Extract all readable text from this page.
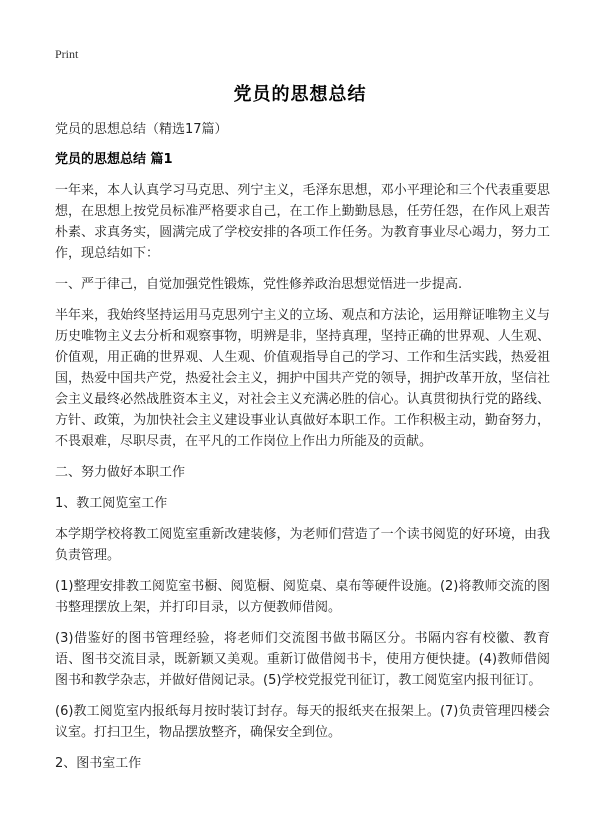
Print
党员的思想总结

党员的思想总结（精选17篇）

党员的思想总结 篇1

一年来，本人认真学习马克思、列宁主义，毛泽东思想，邓小平理论和三个代表重要思想，在思想上按党员标准严格要求自己，在工作上勤勤恳恳，任劳任怨，在作风上艰苦朴素、求真务实，圆满完成了学校安排的各项工作任务。为教育事业尽心竭力，努力工作，现总结如下：

一、严于律己，自觉加强党性锻炼，党性修养政治思想觉悟进一步提高.

半年来，我始终坚持运用马克思列宁主义的立场、观点和方法论，运用辩证唯物主义与历史唯物主义去分析和观察事物，明辨是非，坚持真理，坚持正确的世界观、人生观、价值观，用正确的世界观、人生观、价值观指导自己的学习、工作和生活实践，热爱祖国，热爱中国共产党，热爱社会主义，拥护中国共产党的领导，拥护改革开放，坚信社会主义最终必然战胜资本主义，对社会主义充满必胜的信心。认真贯彻执行党的路线、方针、政策，为加快社会主义建设事业认真做好本职工作。工作积极主动，勤奋努力，不畏艰难，尽职尽责，在平凡的工作岗位上作出力所能及的贡献。

二、努力做好本职工作

1、教工阅览室工作

本学期学校将教工阅览室重新改建装修，为老师们营造了一个读书阅览的好环境，由我负责管理。

(1)整理安排教工阅览室书橱、阅览橱、阅览桌、桌布等硬件设施。(2)将教师交流的图书整理摆放上架，并打印目录，以方便教师借阅。

(3)借鉴好的图书管理经验，将老师们交流图书做书隔区分。书隔内容有校徽、教育语、图书交流目录，既新颖又美观。重新订做借阅书卡，使用方便快捷。(4)教师借阅图书和教学杂志，并做好借阅记录。(5)学校党报党刊征订，教工阅览室内报刊征订。

(6)教工阅览室内报纸每月按时装订封存。每天的报纸夹在报架上。(7)负责管理四楼会议室。打扫卫生，物品摆放整齐，确保安全到位。

2、图书室工作
